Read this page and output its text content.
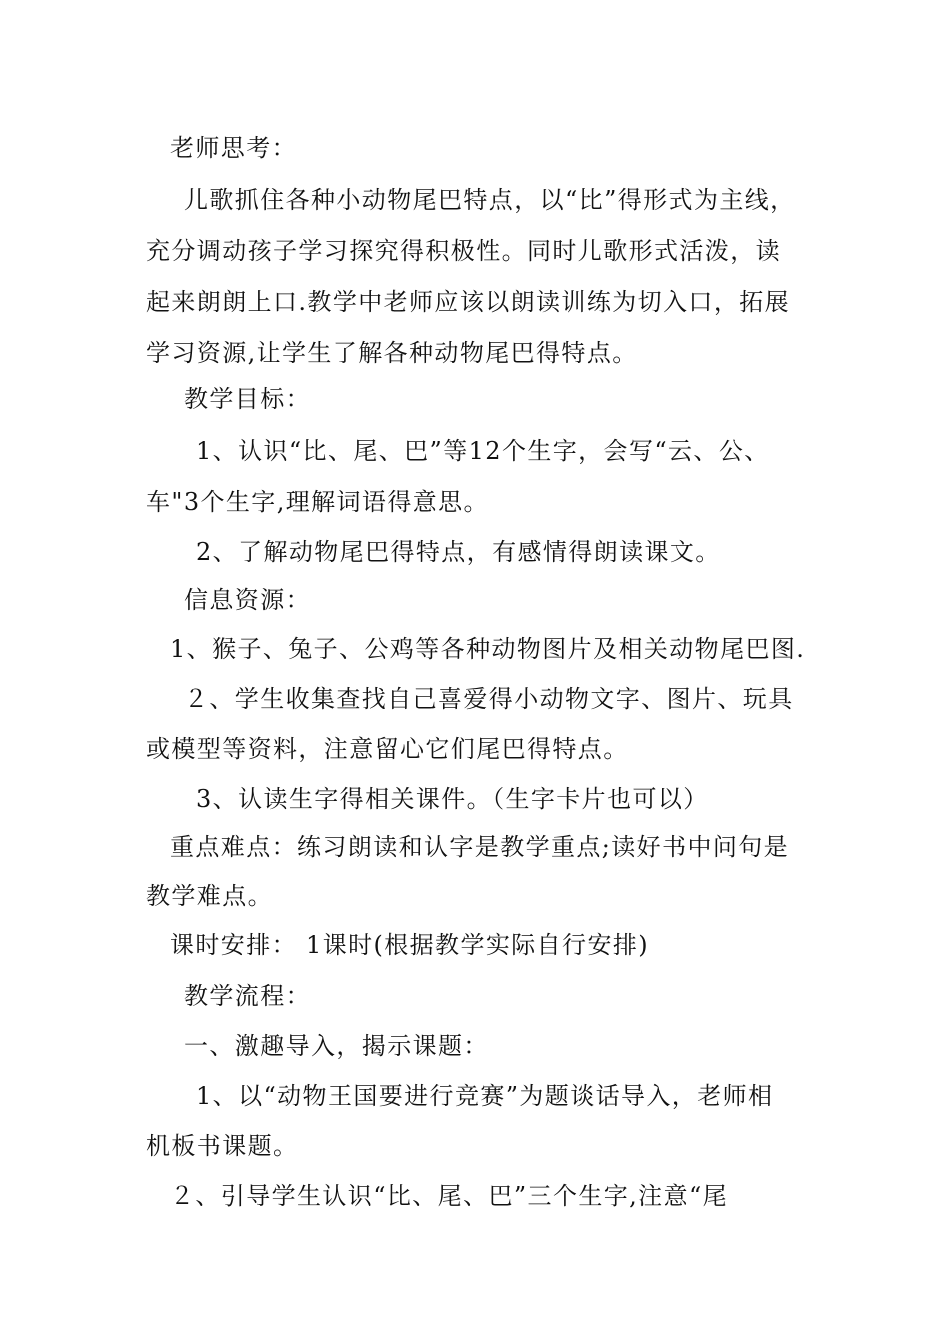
老师思考：
儿歌抓住各种小动物尾巴特点，以“比”得形式为主线，
充分调动孩子学习探究得积极性。同时儿歌形式活泼，读
起来朗朗上口.教学中老师应该以朗读训练为切入口，拓展
学习资源,让学生了解各种动物尾巴得特点。
教学目标：
1、认识“比、尾、巴”等12个生字，会写“云、公、
车"3个生字,理解词语得意思。
2、了解动物尾巴得特点，有感情得朗读课文。
信息资源：
1、猴子、兔子、公鸡等各种动物图片及相关动物尾巴图.
２、学生收集查找自己喜爱得小动物文字、图片、玩具
或模型等资料，注意留心它们尾巴得特点。
3、认读生字得相关课件。（生字卡片也可以）
重点难点：练习朗读和认字是教学重点;读好书中问句是
教学难点。
课时安排： 1课时(根据教学实际自行安排)
教学流程：
一、激趣导入，揭示课题：
1、以“动物王国要进行竞赛”为题谈话导入，老师相
机板书课题。
２、引导学生认识“比、尾、巴”三个生字,注意“尾
